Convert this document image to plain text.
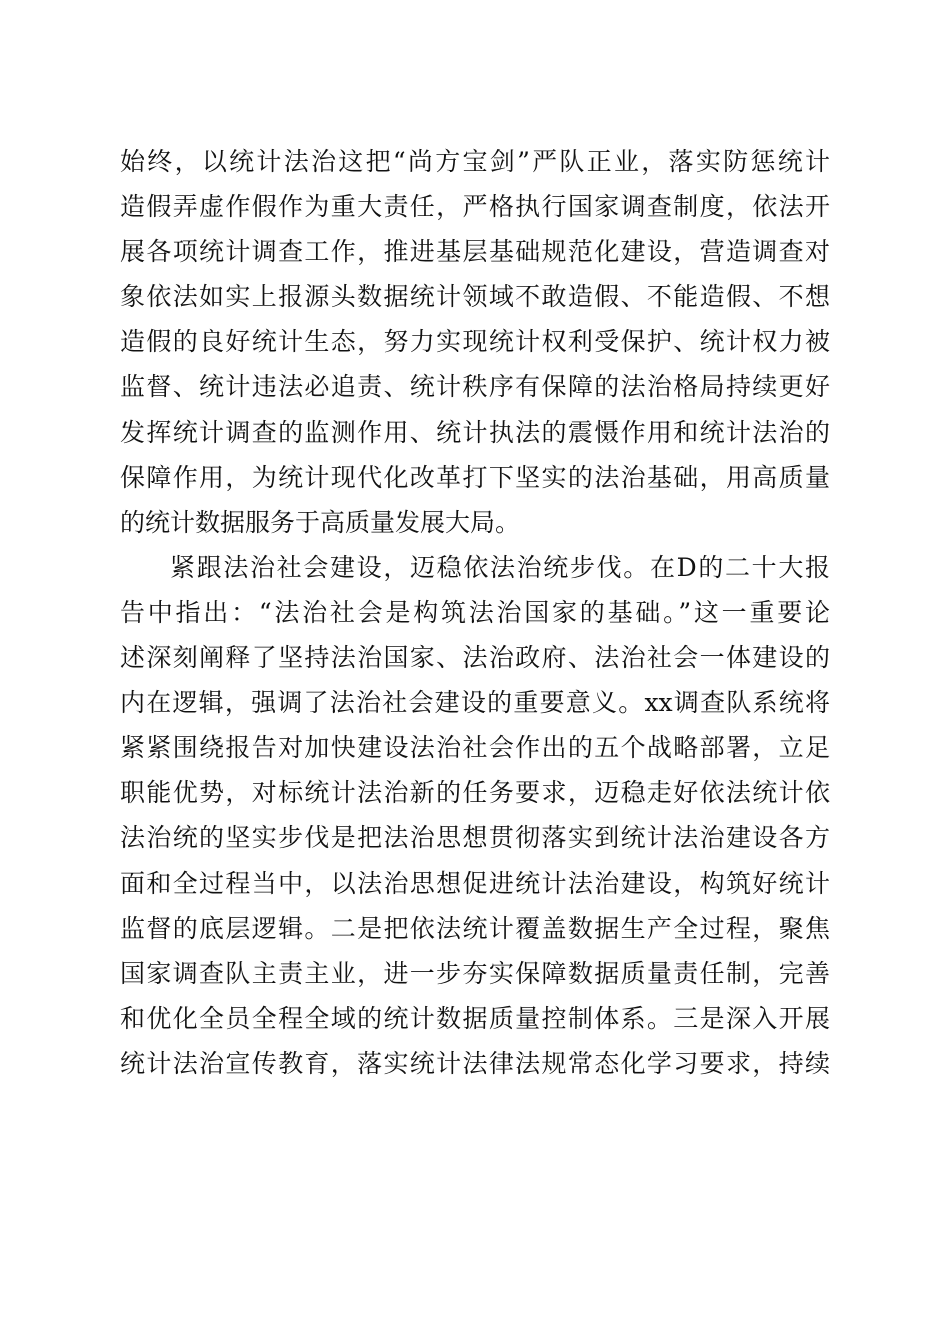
始终，以统计法治这把“尚方宝剑”严队正业，落实防惩统计
造假弄虚作假作为重大责任，严格执行国家调查制度，依法开
展各项统计调查工作，推进基层基础规范化建设，营造调查对
象依法如实上报源头数据统计领域不敢造假、不能造假、不想
造假的良好统计生态，努力实现统计权利受保护、统计权力被
监督、统计违法必追责、统计秩序有保障的法治格局持续更好
发挥统计调查的监测作用、统计执法的震慑作用和统计法治的
保障作用，为统计现代化改革打下坚实的法治基础，用高质量
的统计数据服务于高质量发展大局。
紧跟法治社会建设，迈稳依法治统步伐。在D的二十大报
告中指出：“法治社会是构筑法治国家的基础。”这一重要论
述深刻阐释了坚持法治国家、法治政府、法治社会一体建设的
内在逻辑，强调了法治社会建设的重要意义。xx调查队系统将
紧紧围绕报告对加快建设法治社会作出的五个战略部署，立足
职能优势，对标统计法治新的任务要求，迈稳走好依法统计依
法治统的坚实步伐是把法治思想贯彻落实到统计法治建设各方
面和全过程当中，以法治思想促进统计法治建设，构筑好统计
监督的底层逻辑。二是把依法统计覆盖数据生产全过程，聚焦
国家调查队主责主业，进一步夯实保障数据质量责任制，完善
和优化全员全程全域的统计数据质量控制体系。三是深入开展
统计法治宣传教育，落实统计法律法规常态化学习要求，持续
